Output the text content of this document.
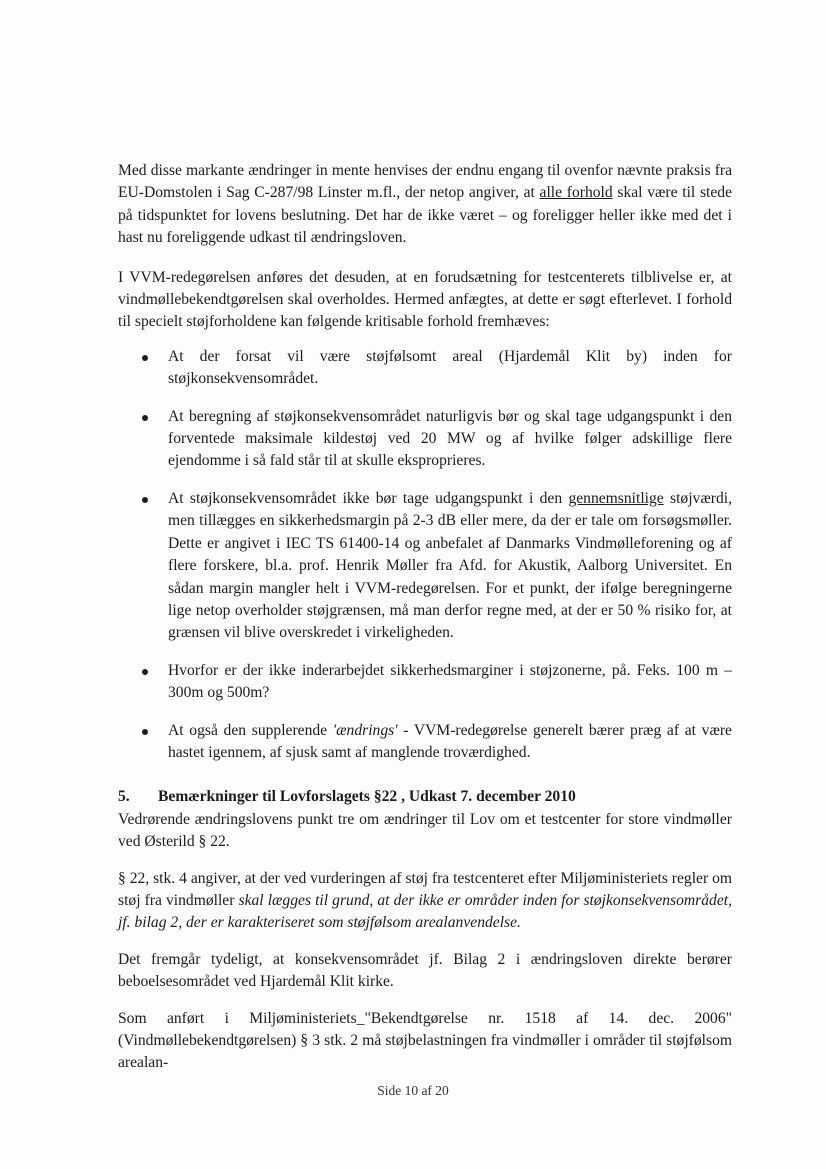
Med disse markante ændringer in mente henvises der endnu engang til ovenfor nævnte praksis fra EU-Domstolen i Sag C-287/98 Linster m.fl., der netop angiver, at alle forhold skal være til stede på tidspunktet for lovens beslutning. Det har de ikke været – og foreligger heller ikke med det i hast nu foreliggende udkast til ændringsloven.

I VVM-redegørelsen anføres det desuden, at en forudsætning for testcenterets tilblivelse er, at vindmøllebekendtgørelsen skal overholdes. Hermed anfægtes, at dette er søgt efterlevet. I forhold til specielt støjforholdene kan følgende kritisable forhold fremhæves:

At der forsat vil være støjfølsomt areal (Hjardemål Klit by) inden for støjkonsekvensområdet.

At beregning af støjkonsekvensområdet naturligvis bør og skal tage udgangspunkt i den forventede maksimale kildestøj ved 20 MW og af hvilke følger adskillige flere ejendomme i så fald står til at skulle eksproprieres.

At støjkonsekvensområdet ikke bør tage udgangspunkt i den gennemsnitlige støjværdi, men tillægges en sikkerhedsmargin på 2-3 dB eller mere, da der er tale om forsøgsmøller. Dette er angivet i IEC TS 61400-14 og anbefalet af Danmarks Vindmølleforening og af flere forskere, bl.a. prof. Henrik Møller fra Afd. for Akustik, Aalborg Universitet. En sådan margin mangler helt i VVM-redegørelsen. For et punkt, der ifølge beregningerne lige netop overholder støjgrænsen, må man derfor regne med, at der er 50 % risiko for, at grænsen vil blive overskredet i virkeligheden.

Hvorfor er der ikke inderarbejdet sikkerhedsmarginer i støjzonerne, på. Feks. 100 m – 300m og 500m?

At også den supplerende 'ændrings' - VVM-redegørelse generelt bærer præg af at være hastet igennem, af sjusk samt af manglende troværdighed.

5. Bemærkninger til Lovforslagets §22 , Udkast 7. december 2010

Vedrørende ændringslovens punkt tre om ændringer til Lov om et testcenter for store vindmøller ved Østerild § 22.

§ 22, stk. 4 angiver, at der ved vurderingen af støj fra testcenteret efter Miljøministeriets regler om støj fra vindmøller skal lægges til grund, at der ikke er områder inden for støjkonsekvensområdet, jf. bilag 2, der er karakteriseret som støjfølsom arealanvendelse.

Det fremgår tydeligt, at konsekvensområdet jf. Bilag 2 i ændringsloven direkte berører beboelsesområdet ved Hjardemål Klit kirke.

Som anført i Miljøministeriets_"Bekendtgørelse nr. 1518 af 14. dec. 2006" (Vindmøllebekendtgørelsen) § 3 stk. 2 må støjbelastningen fra vindmøller i områder til støjfølsom arealan-

Side 10 af 20
